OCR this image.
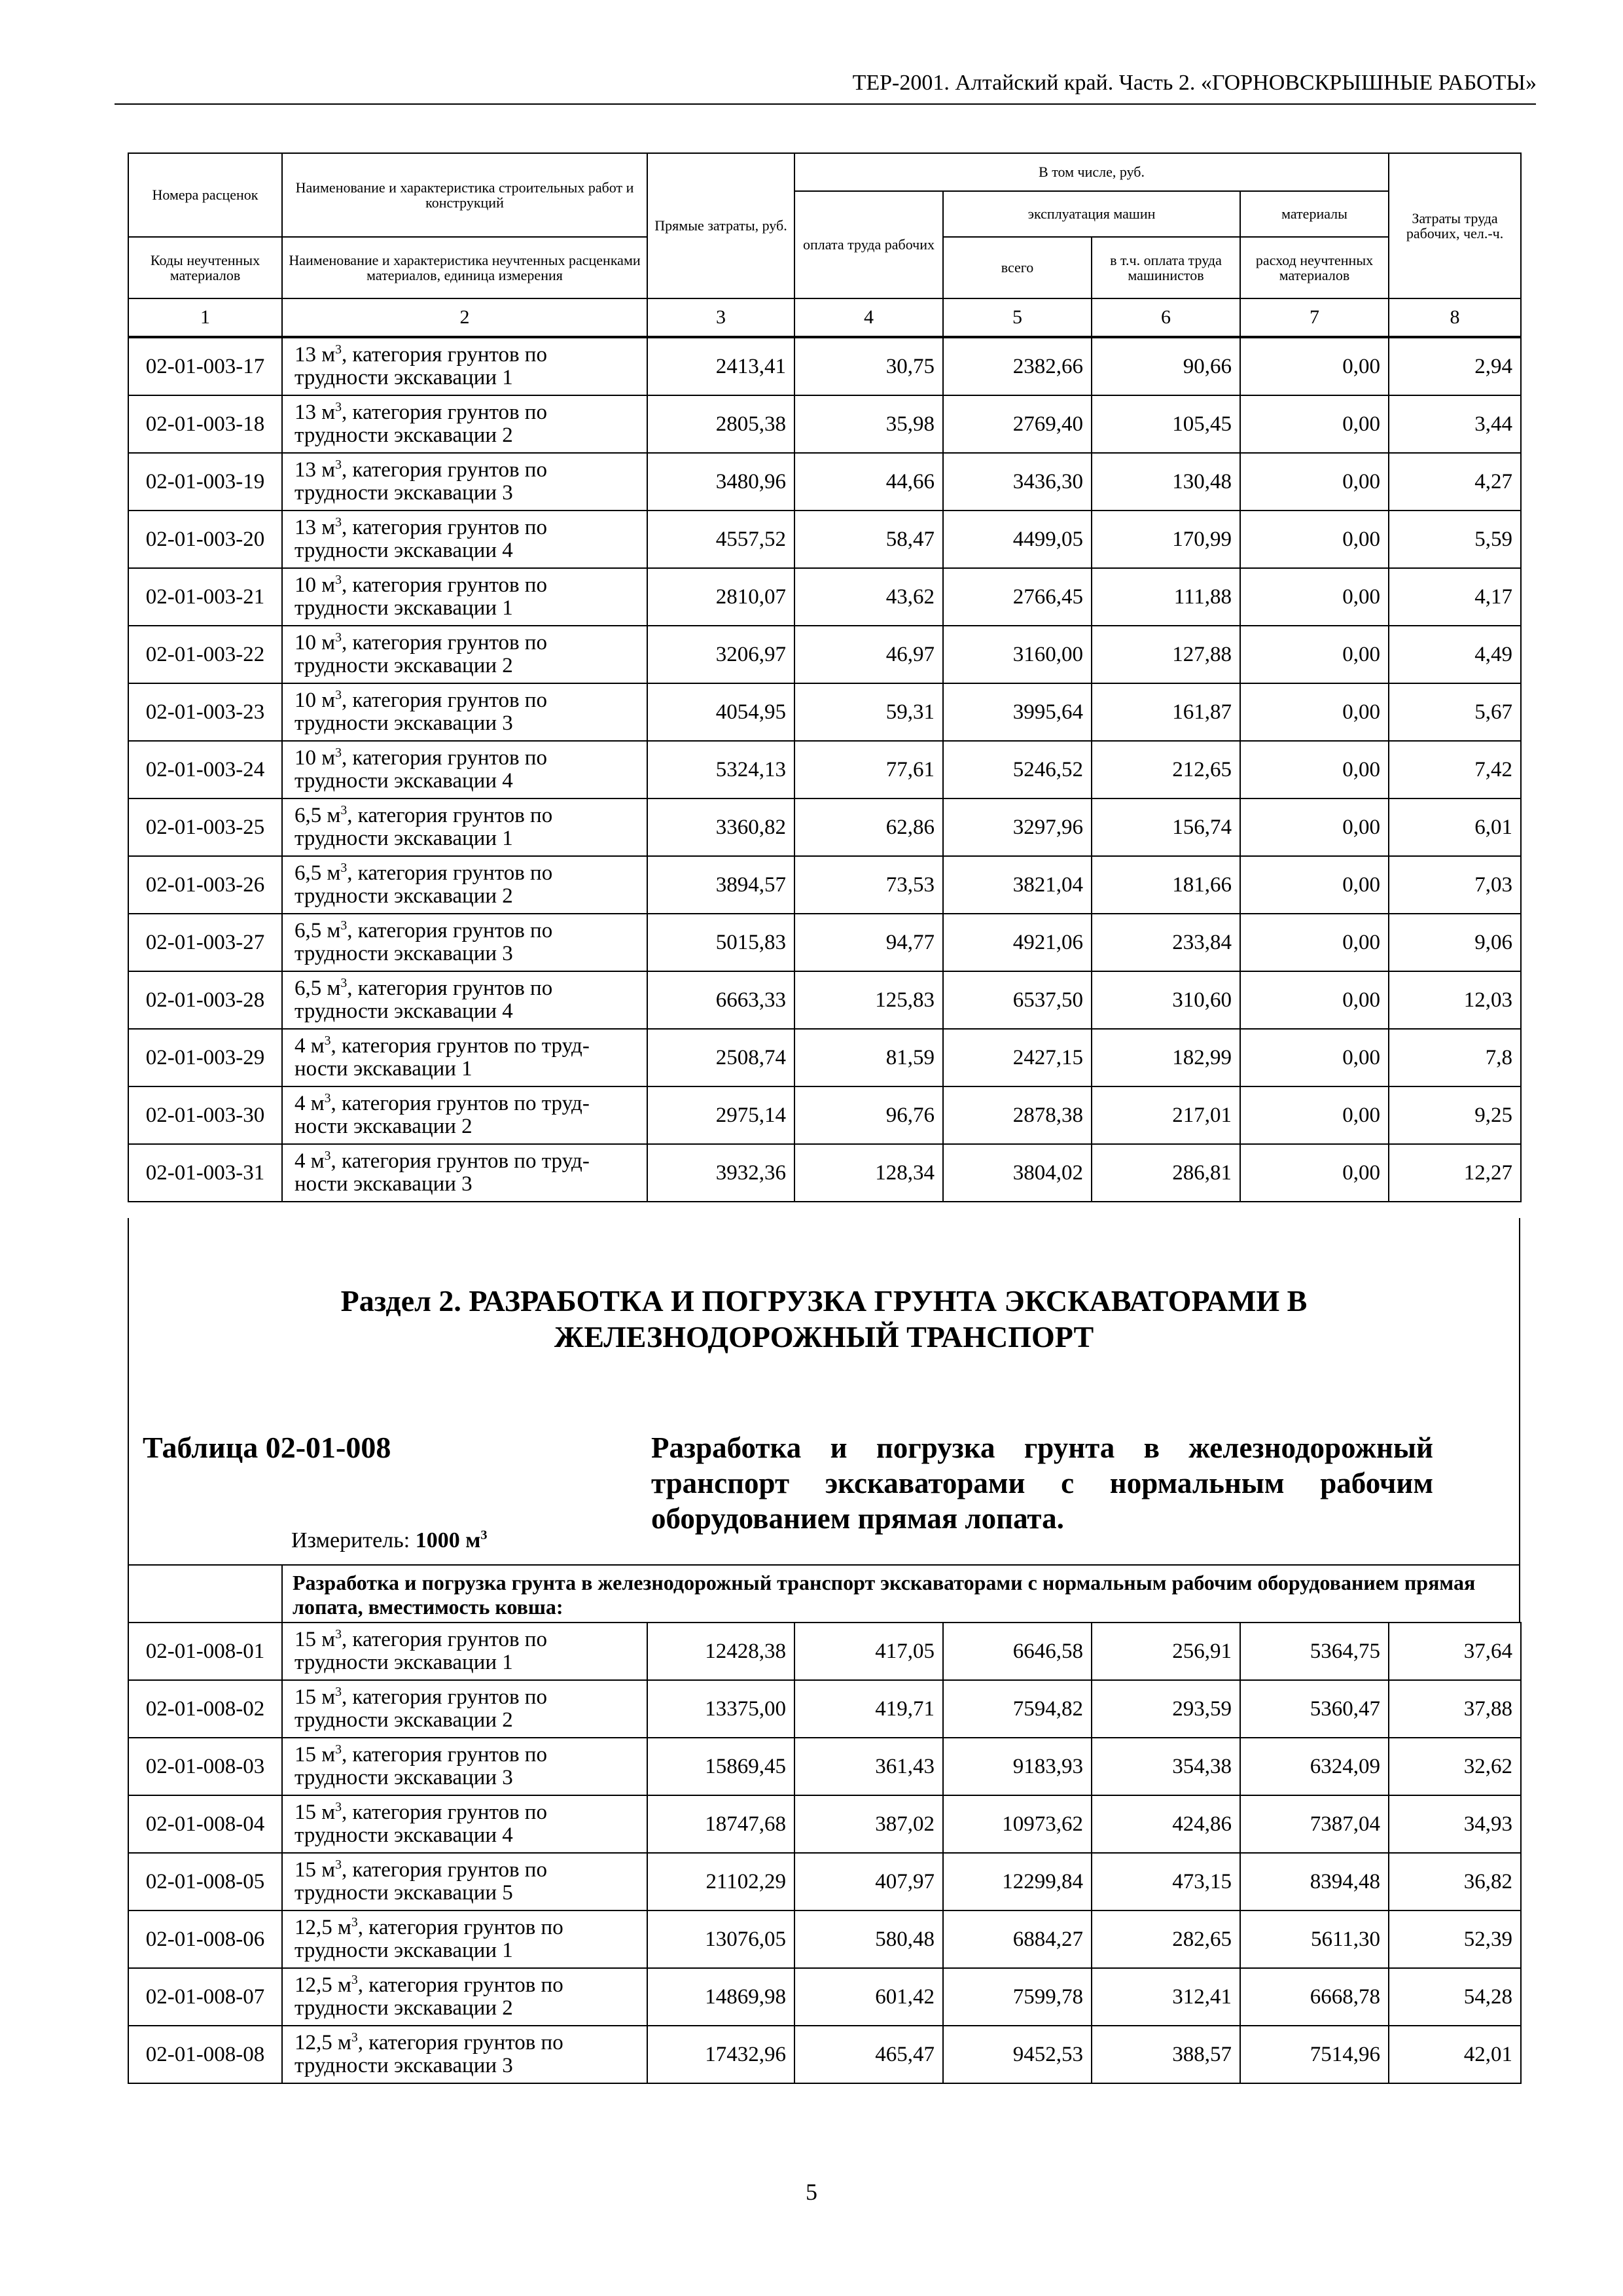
ТЕР-2001. Алтайский край. Часть 2. «ГОРНОВСКРЫШНЫЕ РАБОТЫ»
Номера расценок	Наименование и характеристика строительных работ и конструкций	Прямые затраты, руб.	В том числе, руб.				Затраты труда рабочих, чел.-ч.
			оплата труда рабочих	эксплуатация машин		материалы	
Коды неучтенных материалов	Наименование и характеристика неучтенных расценками материалов, единица измерения			всего	в т.ч. оплата труда машинистов	расход неучтенных материалов	
1	2	3	4	5	6	7	8
02-01-003-17	13 $м^3$, категория грунтов по
трудности экскавации 1	2413,41	30,75	2382,66	90,66	0,00	2,94
02-01-003-18	13 $м^3$, категория грунтов по
трудности экскавации 2	2805,38	35,98	2769,40	105,45	0,00	3,44
02-01-003-19	13 $м^3$, категория грунтов по
трудности экскавации 3	3480,96	44,66	3436,30	130,48	0,00	4,27
02-01-003-20	13 $м^3$, категория грунтов по
трудности экскавации 4	4557,52	58,47	4499,05	170,99	0,00	5,59
02-01-003-21	10 $м^3$, категория грунтов по
трудности экскавации 1	2810,07	43,62	2766,45	111,88	0,00	4,17
02-01-003-22	10 $м^3$, категория грунтов по
трудности экскавации 2	3206,97	46,97	3160,00	127,88	0,00	4,49
02-01-003-23	10 $м^3$, категория грунтов по
трудности экскавации 3	4054,95	59,31	3995,64	161,87	0,00	5,67
02-01-003-24	10 $м^3$, категория грунтов по
трудности экскавации 4	5324,13	77,61	5246,52	212,65	0,00	7,42
02-01-003-25	6,5 $м^3$, категория грунтов по
трудности экскавации 1	3360,82	62,86	3297,96	156,74	0,00	6,01
02-01-003-26	6,5 $м^3$, категория грунтов по
трудности экскавации 2	3894,57	73,53	3821,04	181,66	0,00	7,03
02-01-003-27	6,5 $м^3$, категория грунтов по
трудности экскавации 3	5015,83	94,77	4921,06	233,84	0,00	9,06
02-01-003-28	6,5 $м^3$, категория грунтов по
трудности экскавации 4	6663,33	125,83	6537,50	310,60	0,00	12,03
02-01-003-29	4 $м^3$, категория грунтов по труд-
ности экскавации 1	2508,74	81,59	2427,15	182,99	0,00	7,8
02-01-003-30	4 $м^3$, категория грунтов по труд-
ности экскавации 2	2975,14	96,76	2878,38	217,01	0,00	9,25
02-01-003-31	4 $м^3$, категория грунтов по труд-
ности экскавации 3	3932,36	128,34	3804,02	286,81	0,00	12,27
Раздел 2. РАЗРАБОТКА И ПОГРУЗКА ГРУНТА ЭКСКАВАТОРАМИ В
ЖЕЛЕЗНОДОРОЖНЫЙ ТРАНСПОРТ
Таблица 02-01-008	Разработка и погрузка грунта в железнодорожный транспорт экскаваторами с нормальным рабочим оборудованием прямая лопата.
Измеритель: 1000 $м^3$
Разработка и погрузка грунта в железнодорожный транспорт экскаваторами с нормальным рабочим оборудованием прямая лопата, вместимость ковша:
02-01-008-01	15 $м^3$, категория грунтов по
трудности экскавации 1	12428,38	417,05	6646,58	256,91	5364,75	37,64
02-01-008-02	15 $м^3$, категория грунтов по
трудности экскавации 2	13375,00	419,71	7594,82	293,59	5360,47	37,88
02-01-008-03	15 $м^3$, категория грунтов по
трудности экскавации 3	15869,45	361,43	9183,93	354,38	6324,09	32,62
02-01-008-04	15 $м^3$, категория грунтов по
трудности экскавации 4	18747,68	387,02	10973,62	424,86	7387,04	34,93
02-01-008-05	15 $м^3$, категория грунтов по
трудности экскавации 5	21102,29	407,97	12299,84	473,15	8394,48	36,82
02-01-008-06	12,5 $м^3$, категория грунтов по
трудности экскавации 1	13076,05	580,48	6884,27	282,65	5611,30	52,39
02-01-008-07	12,5 $м^3$, категория грунтов по
трудности экскавации 2	14869,98	601,42	7599,78	312,41	6668,78	54,28
02-01-008-08	12,5 $м^3$, категория грунтов по
трудности экскавации 3	17432,96	465,47	9452,53	388,57	7514,96	42,01
5
